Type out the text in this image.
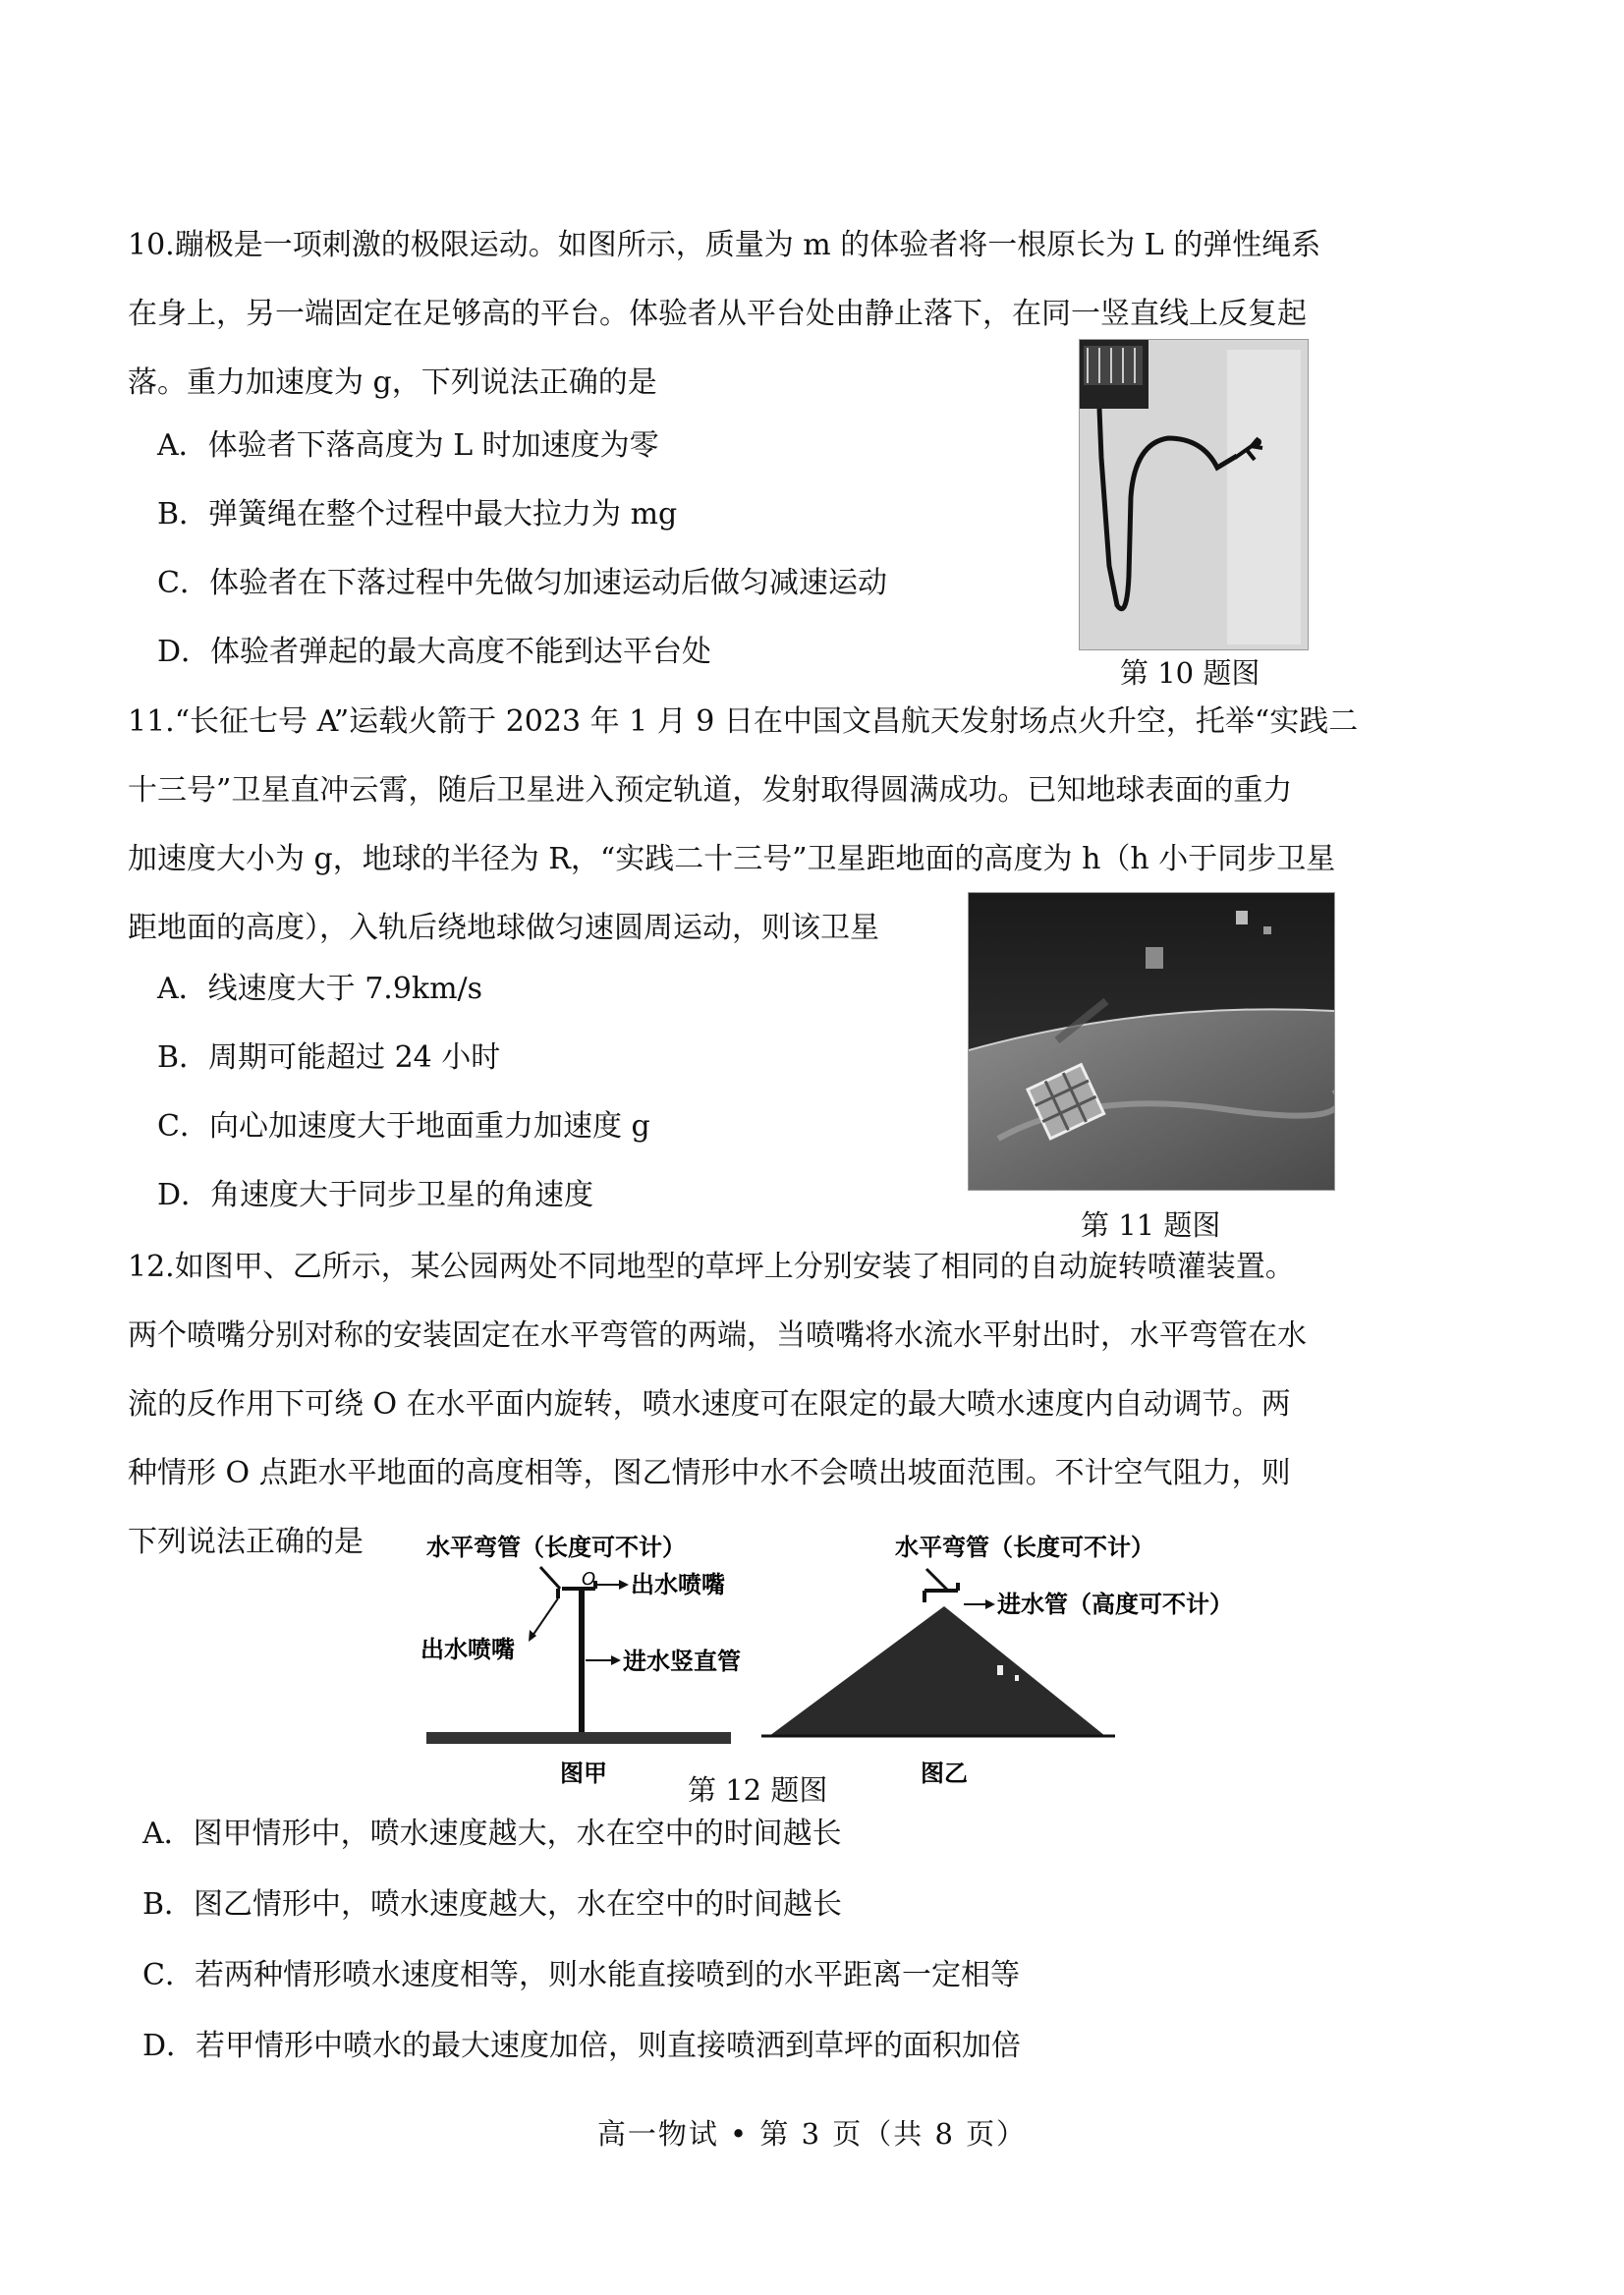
10.蹦极是一项刺激的极限运动。如图所示，质量为 m 的体验者将一根原长为 L 的弹性绳系
在身上，另一端固定在足够高的平台。体验者从平台处由静止落下，在同一竖直线上反复起
落。重力加速度为 g，下列说法正确的是
A．体验者下落高度为 L 时加速度为零
B．弹簧绳在整个过程中最大拉力为 mg
C．体验者在下落过程中先做匀加速运动后做匀减速运动
D．体验者弹起的最大高度不能到达平台处
第 10 题图
11.“长征七号 A”运载火箭于 2023 年 1 月 9 日在中国文昌航天发射场点火升空，托举“实践二
十三号”卫星直冲云霄，随后卫星进入预定轨道，发射取得圆满成功。已知地球表面的重力
加速度大小为 g，地球的半径为 R，“实践二十三号”卫星距地面的高度为 h（h 小于同步卫星
距地面的高度），入轨后绕地球做匀速圆周运动，则该卫星
A．线速度大于 7.9km/s
B．周期可能超过 24 小时
C．向心加速度大于地面重力加速度 g
D．角速度大于同步卫星的角速度
第 11 题图
12.如图甲、乙所示，某公园两处不同地型的草坪上分别安装了相同的自动旋转喷灌装置。
两个喷嘴分别对称的安装固定在水平弯管的两端，当喷嘴将水流水平射出时，水平弯管在水
流的反作用下可绕 O 在水平面内旋转，喷水速度可在限定的最大喷水速度内自动调节。两
种情形 O 点距水平地面的高度相等，图乙情形中水不会喷出坡面范围。不计空气阻力，则
下列说法正确的是	水平弯管（长度可不计）
O 出水喷嘴
出水喷嘴	进水竖直管
图甲
水平弯管（长度可不计）
进水管（高度可不计）
图乙
第 12 题图
A．图甲情形中，喷水速度越大，水在空中的时间越长
B．图乙情形中，喷水速度越大，水在空中的时间越长
C．若两种情形喷水速度相等，则水能直接喷到的水平距离一定相等
D．若甲情形中喷水的最大速度加倍，则直接喷洒到草坪的面积加倍
高一物试 • 第 3 页（共 8 页）
